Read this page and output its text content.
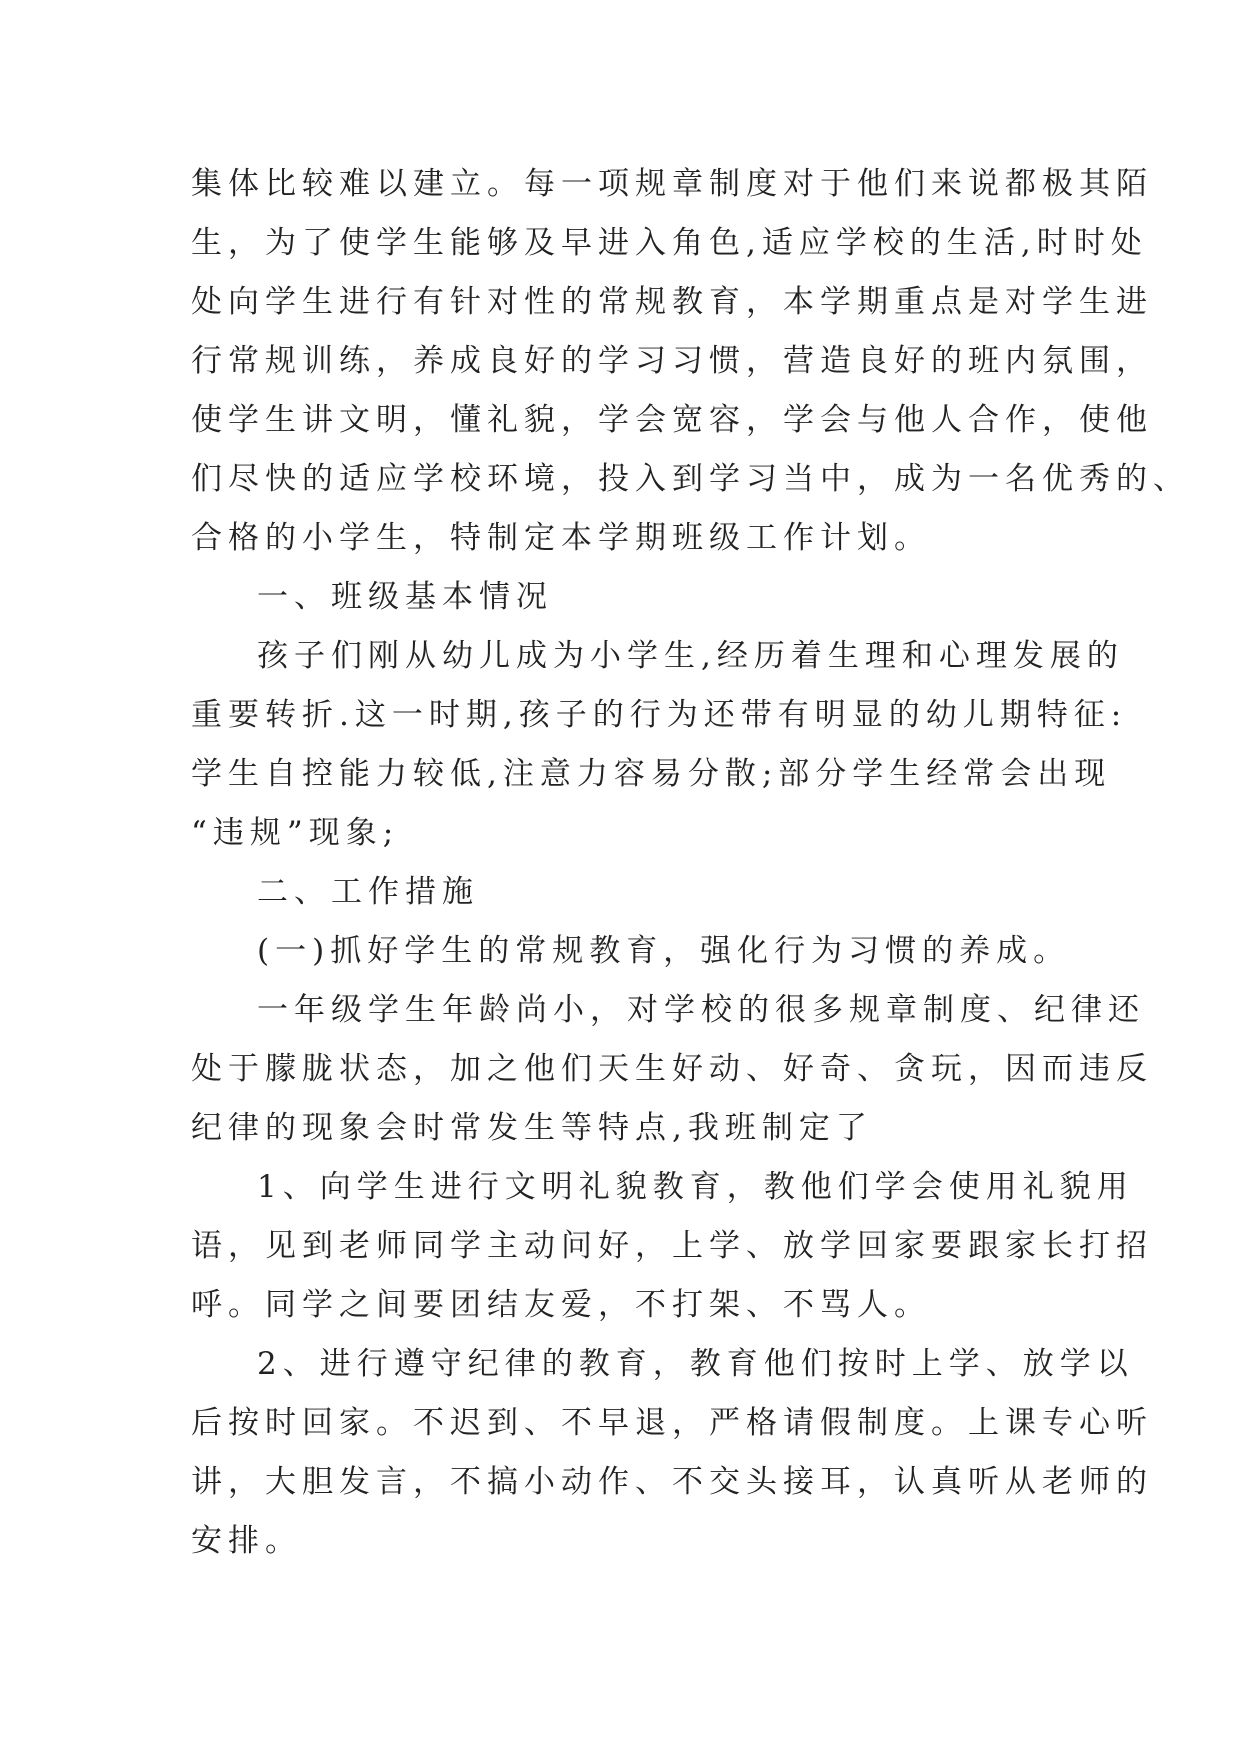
集体比较难以建立。每一项规章制度对于他们来说都极其陌
生，为了使学生能够及早进入角色,适应学校的生活,时时处
处向学生进行有针对性的常规教育，本学期重点是对学生进
行常规训练，养成良好的学习习惯，营造良好的班内氛围，
使学生讲文明，懂礼貌，学会宽容，学会与他人合作，使他
们尽快的适应学校环境，投入到学习当中，成为一名优秀的、
合格的小学生，特制定本学期班级工作计划。
一、班级基本情况
孩子们刚从幼儿成为小学生,经历着生理和心理发展的
重要转折.这一时期,孩子的行为还带有明显的幼儿期特征:
学生自控能力较低,注意力容易分散;部分学生经常会出现
“违规”现象;
二、工作措施
(一)抓好学生的常规教育，强化行为习惯的养成。
一年级学生年龄尚小，对学校的很多规章制度、纪律还
处于朦胧状态，加之他们天生好动、好奇、贪玩，因而违反
纪律的现象会时常发生等特点,我班制定了
1、向学生进行文明礼貌教育，教他们学会使用礼貌用
语，见到老师同学主动问好，上学、放学回家要跟家长打招
呼。同学之间要团结友爱，不打架、不骂人。
2、进行遵守纪律的教育，教育他们按时上学、放学以
后按时回家。不迟到、不早退，严格请假制度。上课专心听
讲，大胆发言，不搞小动作、不交头接耳，认真听从老师的
安排。
